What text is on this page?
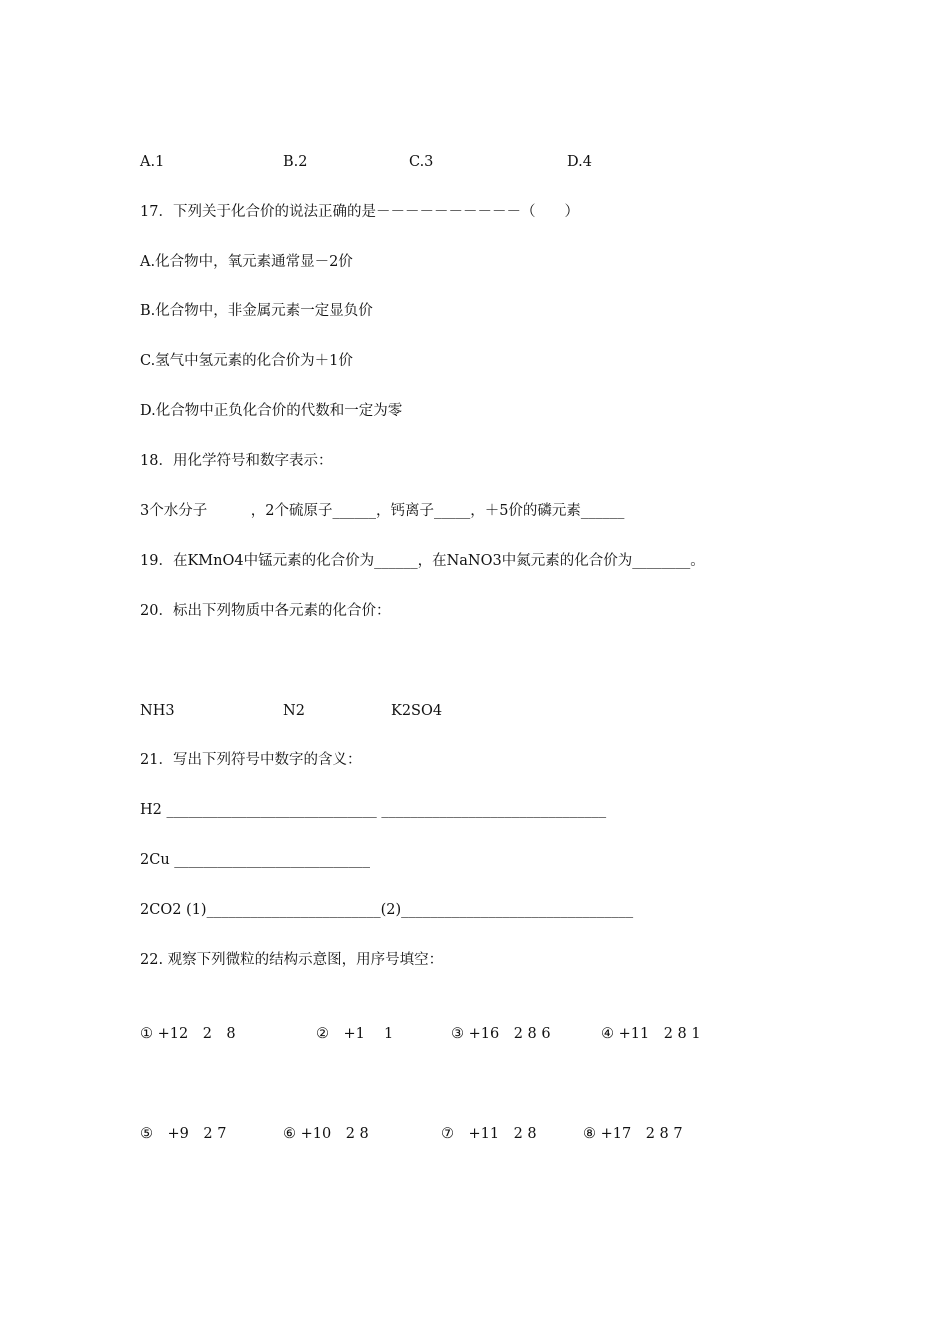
A.1	B.2	C.3	D.4
17．下列关于化合价的说法正确的是－－－－－－－－－－（　　）
A.化合物中，氧元素通常显－2价
B.化合物中，非金属元素一定显负价
C.氢气中氢元素的化合价为＋1价
D.化合物中正负化合价的代数和一定为零
18．用化学符号和数字表示：
3个水分子　　　，2个硫原子______，钙离子_____，＋5价的磷元素______
19．在KMnO4中锰元素的化合价为______，在NaNO3中氮元素的化合价为________。
20．标出下列物质中各元素的化合价：
NH3	N2	K2SO4
21．写出下列符号中数字的含义：
H2 _____________________________ _______________________________
2Cu ___________________________
2CO2 (1)________________________(2)________________________________
22. 观察下列微粒的结构示意图，用序号填空：
① +12　2　8	②　+1　 1	③ +16　2 8 6	④ +11　2 8 1
⑤　+9　2 7	⑥ +10　2 8	⑦　+11　2 8	⑧ +17　2 8 7
